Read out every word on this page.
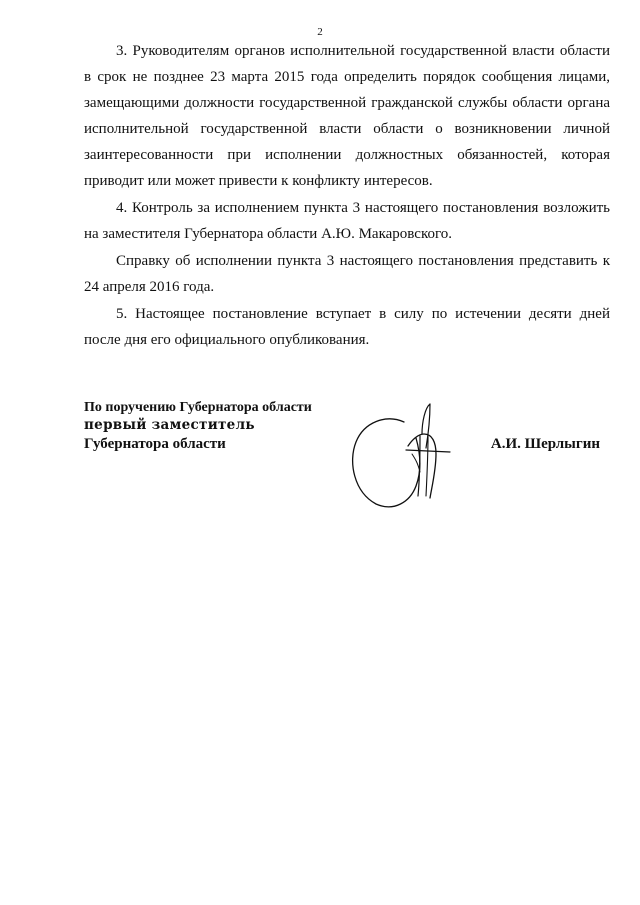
2

3. Руководителям органов исполнительной государственной власти области в срок не позднее 23 марта 2015 года определить порядок сообщения лицами, замещающими должности государственной гражданской службы области органа исполнительной государственной власти области о возникновении личной заинтересованности при исполнении должностных обязанностей, которая приводит или может привести к конфликту интересов.

4. Контроль за исполнением пункта 3 настоящего постановления возложить на заместителя Губернатора области А.Ю. Макаровского.

Справку об исполнении пункта 3 настоящего постановления представить к 24 апреля 2016 года.

5. Настоящее постановление вступает в силу по истечении десяти дней после дня его официального опубликования.

По поручению Губернатора области
первый заместитель
Губернатора области	А.И. Шерлыгин
